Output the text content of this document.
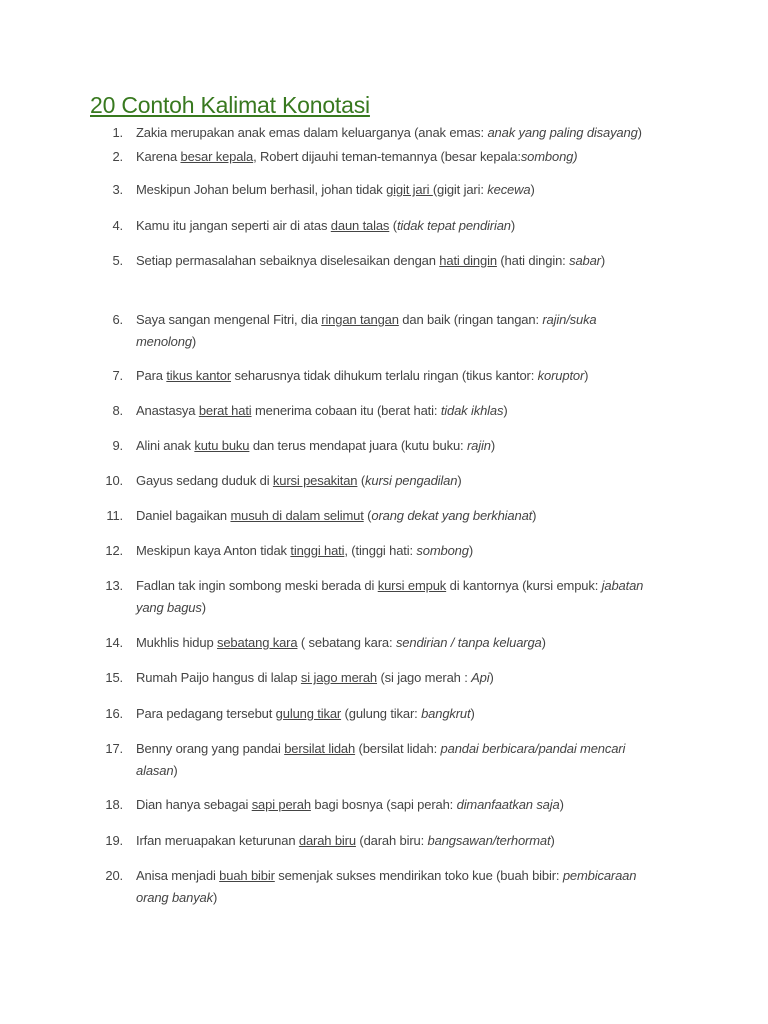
20 Contoh Kalimat Konotasi
1. Zakia merupakan anak emas dalam keluarganya (anak emas: anak yang paling disayang)
2. Karena besar kepala, Robert dijauhi teman-temannya (besar kepala:sombong)
3. Meskipun Johan belum berhasil, johan tidak gigit jari (gigit jari: kecewa)
4. Kamu itu jangan seperti air di atas daun talas (tidak tepat pendirian)
5. Setiap permasalahan sebaiknya diselesaikan dengan hati dingin (hati dingin: sabar)
6. Saya sangan mengenal Fitri, dia ringan tangan dan baik (ringan tangan: rajin/suka
menolong)
7. Para tikus kantor seharusnya tidak dihukum terlalu ringan (tikus kantor: koruptor)
8. Anastasya berat hati menerima cobaan itu (berat hati: tidak ikhlas)
9. Alini anak kutu buku dan terus mendapat juara (kutu buku: rajin)
10. Gayus sedang duduk di kursi pesakitan (kursi pengadilan)
11. Daniel bagaikan musuh di dalam selimut (orang dekat yang berkhianat)
12. Meskipun kaya Anton tidak tinggi hati, (tinggi hati: sombong)
13. Fadlan tak ingin sombong meski berada di kursi empuk di kantornya (kursi empuk: jabatan
yang bagus)
14. Mukhlis hidup sebatang kara ( sebatang kara: sendirian / tanpa keluarga)
15. Rumah Paijo hangus di lalap si jago merah (si jago merah : Api)
16. Para pedagang tersebut gulung tikar (gulung tikar: bangkrut)
17. Benny orang yang pandai bersilat lidah (bersilat lidah: pandai berbicara/pandai mencari
alasan)
18. Dian hanya sebagai sapi perah bagi bosnya (sapi perah: dimanfaatkan saja)
19. Irfan meruapakan keturunan darah biru (darah biru: bangsawan/terhormat)
20. Anisa menjadi buah bibir semenjak sukses mendirikan toko kue (buah bibir: pembicaraan
orang banyak)
